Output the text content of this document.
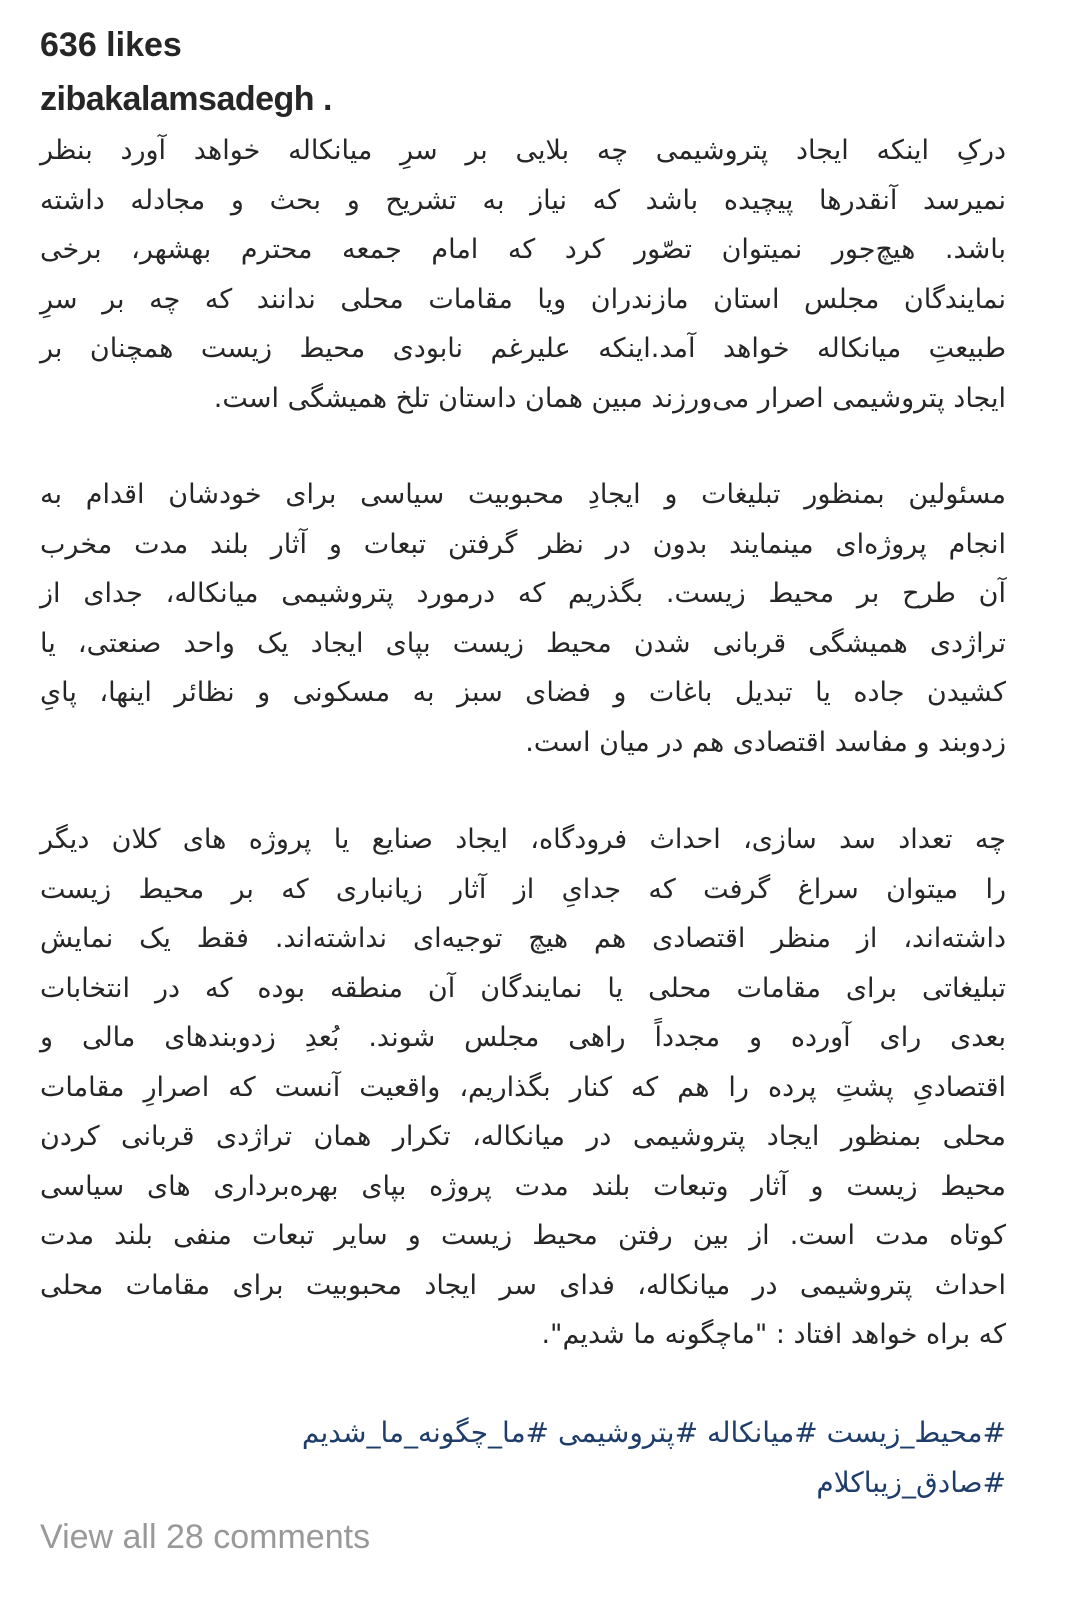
636 likes
zibakalamsadegh .
درکِ اینکه ایجاد پتروشیمی چه بلایی بر سرِ میانکاله خواهد آورد بنظر
نمیرسد آنقدرها پیچیده باشد که نیاز به تشریح و بحث و مجادله داشته
باشد. هیچ‌جور نمیتوان تصّور کرد که امام جمعه محترم بهشهر، برخی
نمایندگان مجلس استان مازندران ویا مقامات محلی ندانند که چه بر سرِ
طبیعتِ میانکاله خواهد آمد.اینکه علیرغم نابودی محیط زیست همچنان بر
ایجاد پتروشیمی اصرار می‌ورزند مبین همان داستان تلخ همیشگی است.
مسئولین بمنظور تبلیغات و ایجادِ محبوبیت سیاسی برای خودشان اقدام به
انجام پروژه‌ای مینمایند بدون در نظر گرفتن تبعات و آثار بلند مدت مخرب
آن طرح بر محیط زیست. بگذریم که درمورد پتروشیمی میانکاله، جدای از
تراژدی همیشگی قربانی شدن محیط زیست بپای ایجاد یک واحد صنعتی، یا
کشیدن جاده یا تبدیل باغات و فضای سبز به مسکونی و نظائر اینها، پایِ
زدوبند و مفاسد اقتصادی هم در میان است.
چه تعداد سد سازی، احداث فرودگاه، ایجاد صنایع یا پروژه های کلان دیگر
را میتوان سراغ گرفت که جدایِ از آثار زیانباری که بر محیط زیست
داشته‌اند، از منظر اقتصادی هم هیچ توجیه‌ای نداشته‌اند. فقط یک نمایش
تبلیغاتی برای مقامات محلی یا نمایندگان آن منطقه بوده که در انتخابات
بعدی رای آورده و مجدداً راهی مجلس شوند. بُعدِ زدوبندهای مالی و
اقتصادیِ پشتِ پرده را هم که کنار بگذاریم، واقعیت آنست که اصرارِ مقامات
محلی بمنظور ایجاد پتروشیمی در میانکاله، تکرار همان تراژدی قربانی کردن
محیط زیست و آثار وتبعات بلند مدت پروژه بپای بهره‌برداری های سیاسی
کوتاه مدت است. از بین رفتن محیط زیست و سایر تبعات منفی بلند مدت
احداث پتروشیمی در میانکاله، فدای سر ایجاد محبوبیت برای مقامات محلی
که براه خواهد افتاد : "ماچگونه ما شدیم".
#محیط_زیست #میانکاله #پتروشیمی #ما_چگونه_ما_شدیم
#صادق_زیباکلام
View all 28 comments
